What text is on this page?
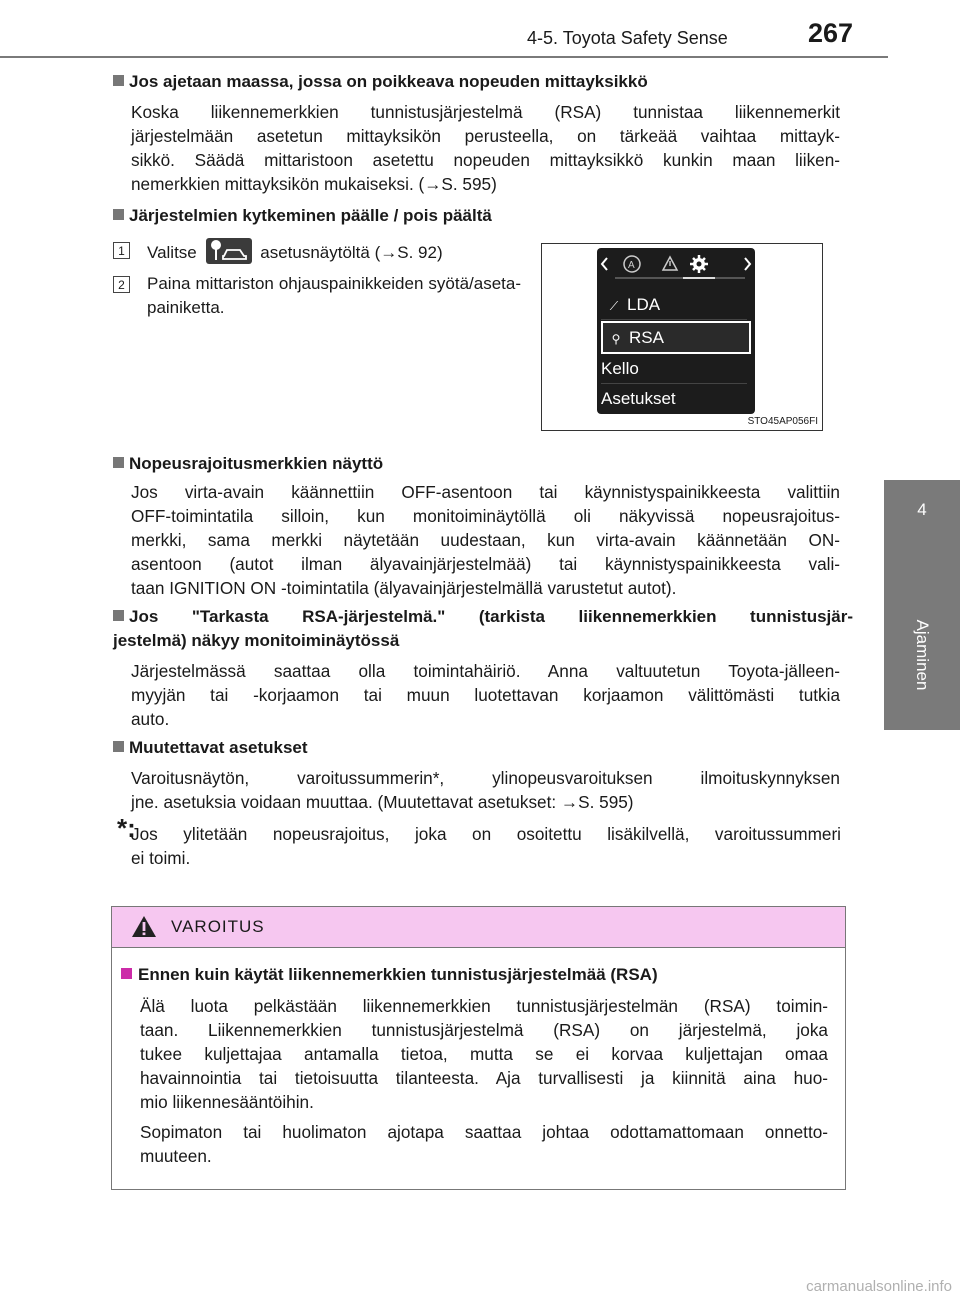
4-5. Toyota Safety Sense	267
4
Ajaminen
Jos ajetaan maassa, jossa on poikkeava nopeuden mittayksikkö
Koska liikennemerkkien tunnistusjärjestelmä (RSA) tunnistaa liikennemerkit
järjestelmään asetetun mittayksikön perusteella, on tärkeää vaihtaa mittayk-
sikkö. Säädä mittaristoon asetettu nopeuden mittayksikkö kunkin maan liiken-
nemerkkien mittayksikön mukaiseksi. (→S. 595)
Järjestelmien kytkeminen päälle / pois päältä
1	Valitse	asetusnäytöltä (→S. 92)
2	Paina mittariston ohjauspainikkeiden syötä/aseta-painiketta.
A
⟋ LDA
⚲ RSA
Kello
Asetukset
STO45AP056FI
Nopeusrajoitusmerkkien näyttö
Jos virta-avain käännettiin OFF-asentoon tai käynnistyspainikkeesta valittiin
OFF-toimintatila silloin, kun monitoiminäytöllä oli näkyvissä nopeusrajoitus-
merkki, sama merkki näytetään uudestaan, kun virta-avain käännetään ON-
asentoon (autot ilman älyavainjärjestelmää) tai käynnistyspainikkeesta vali-
taan IGNITION ON -toimintatila (älyavainjärjestelmällä varustetut autot).
Jos "Tarkasta RSA-järjestelmä." (tarkista liikennemerkkien tunnistusjär-
jestelmä) näkyy monitoiminäytössä
Järjestelmässä saattaa olla toimintahäiriö. Anna valtuutetun Toyota-jälleen-
myyjän tai -korjaamon tai muun luotettavan korjaamon välittömästi tutkia
auto.
Muutettavat asetukset
Varoitusnäytön, varoitussummerin*, ylinopeusvaroituksen ilmoituskynnyksen
jne. asetuksia voidaan muuttaa. (Muutettavat asetukset: →S. 595)
*:
Jos ylitetään nopeusrajoitus, joka on osoitettu lisäkilvellä, varoitussummeri
ei toimi.
VAROITUS
Ennen kuin käytät liikennemerkkien tunnistusjärjestelmää (RSA)
Älä luota pelkästään liikennemerkkien tunnistusjärjestelmän (RSA) toimin-
taan. Liikennemerkkien tunnistusjärjestelmä (RSA) on järjestelmä, joka
tukee kuljettajaa antamalla tietoa, mutta se ei korvaa kuljettajan omaa
havainnointia tai tietoisuutta tilanteesta. Aja turvallisesti ja kiinnitä aina huo-
mio liikennesääntöihin.
Sopimaton tai huolimaton ajotapa saattaa johtaa odottamattomaan onnetto-
muuteen.
carmanualsonline.info
